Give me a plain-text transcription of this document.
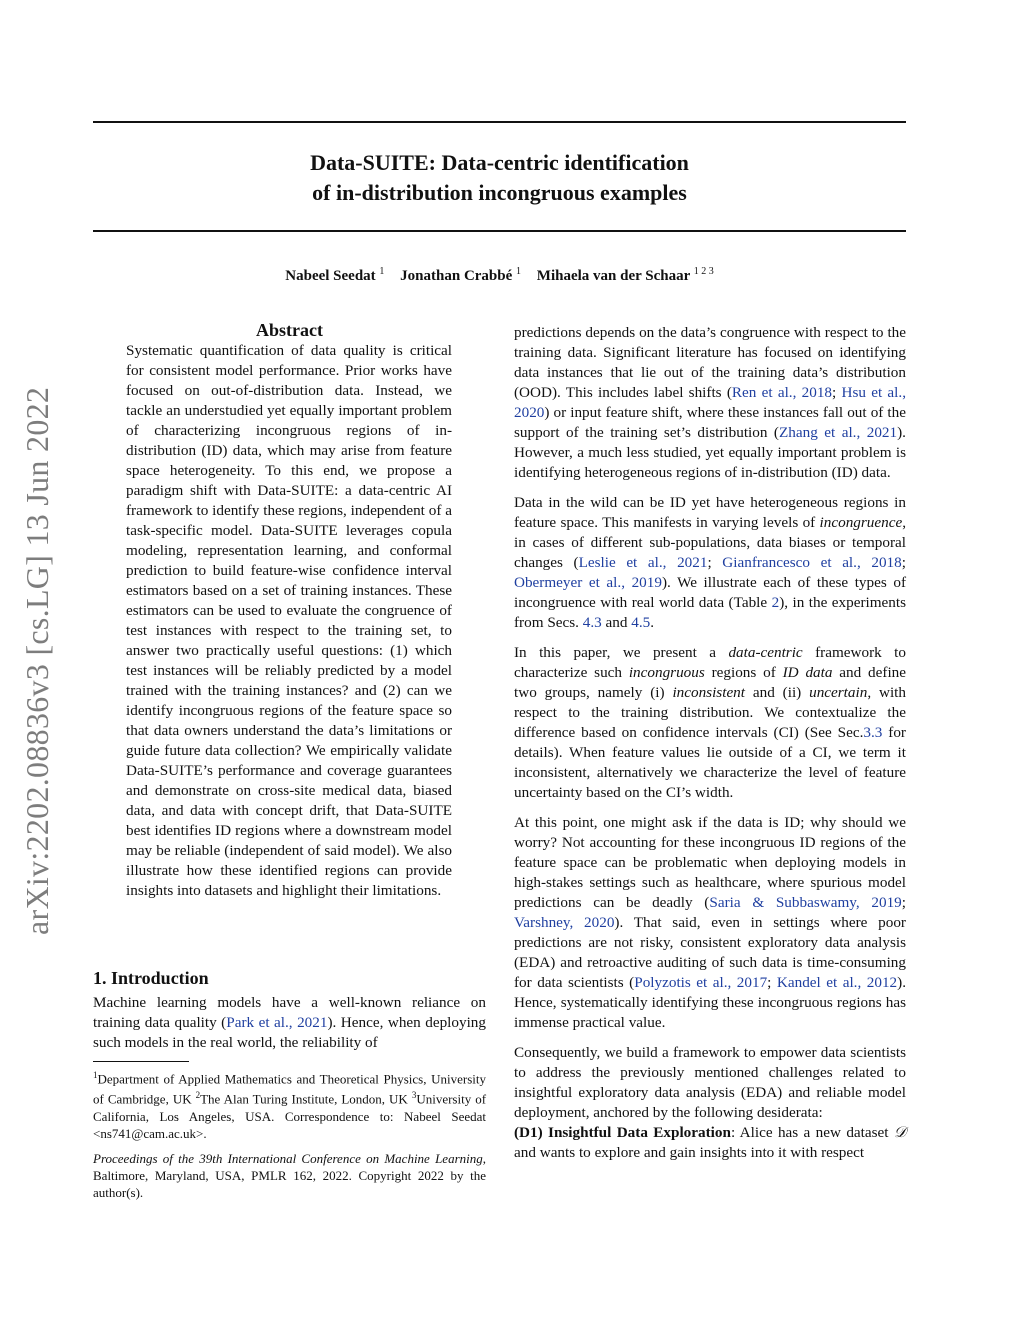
arXiv:2202.08836v3 [cs.LG] 13 Jun 2022
Data-SUITE: Data-centric identification
of in-distribution incongruous examples
Nabeel Seedat $^1$ Jonathan Crabbé $^1$ Mihaela van der Schaar $^{1 2 3}$
Abstract
Systematic quantification of data quality is critical for consistent model performance. Prior works have focused on out-of-distribution data. Instead, we tackle an understudied yet equally important problem of characterizing incongruous regions of in-distribution (ID) data, which may arise from feature space heterogeneity. To this end, we propose a paradigm shift with Data-SUITE: a data-centric AI framework to identify these regions, independent of a task-specific model. Data-SUITE leverages copula modeling, representation learning, and conformal prediction to build feature-wise confidence interval estimators based on a set of training instances. These estimators can be used to evaluate the congruence of test instances with respect to the training set, to answer two practically useful questions: (1) which test instances will be reliably predicted by a model trained with the training instances? and (2) can we identify incongruous regions of the feature space so that data owners understand the data’s limitations or guide future data collection? We empirically validate Data-SUITE’s performance and coverage guarantees and demonstrate on cross-site medical data, biased data, and data with concept drift, that Data-SUITE best identifies ID regions where a downstream model may be reliable (independent of said model). We also illustrate how these identified regions can provide insights into datasets and highlight their limitations.
1. Introduction

Machine learning models have a well-known reliance on training data quality (Park et al., 2021). Hence, when deploying such models in the real world, the reliability of

$^1$Department of Applied Mathematics and Theoretical Physics, University of Cambridge, UK $^2$The Alan Turing Institute, London, UK $^3$University of California, Los Angeles, USA. Correspondence to: Nabeel Seedat <ns741@cam.ac.uk>.
Proceedings of the 39th International Conference on Machine Learning, Baltimore, Maryland, USA, PMLR 162, 2022. Copyright 2022 by the author(s).

predictions depends on the data’s congruence with respect to the training data. Significant literature has focused on identifying data instances that lie out of the training data’s distribution (OOD). This includes label shifts (Ren et al., 2018; Hsu et al., 2020) or input feature shift, where these instances fall out of the support of the training set’s distribution (Zhang et al., 2021). However, a much less studied, yet equally important problem is identifying heterogeneous regions of in-distribution (ID) data.

Data in the wild can be ID yet have heterogeneous regions in feature space. This manifests in varying levels of incongruence, in cases of different sub-populations, data biases or temporal changes (Leslie et al., 2021; Gianfrancesco et al., 2018; Obermeyer et al., 2019). We illustrate each of these types of incongruence with real world data (Table 2), in the experiments from Secs. 4.3 and 4.5.

In this paper, we present a data-centric framework to characterize such incongruous regions of ID data and define two groups, namely (i) inconsistent and (ii) uncertain, with respect to the training distribution. We contextualize the difference based on confidence intervals (CI) (See Sec.3.3 for details). When feature values lie outside of a CI, we term it inconsistent, alternatively we characterize the level of feature uncertainty based on the CI’s width.

At this point, one might ask if the data is ID; why should we worry? Not accounting for these incongruous ID regions of the feature space can be problematic when deploying models in high-stakes settings such as healthcare, where spurious model predictions can be deadly (Saria & Subbaswamy, 2019; Varshney, 2020). That said, even in settings where poor predictions are not risky, consistent exploratory data analysis (EDA) and retroactive auditing of such data is time-consuming for data scientists (Polyzotis et al., 2017; Kandel et al., 2012). Hence, systematically identifying these incongruous regions has immense practical value.

Consequently, we build a framework to empower data scientists to address the previously mentioned challenges related to insightful exploratory data analysis (EDA) and reliable model deployment, anchored by the following desiderata:
(D1) Insightful Data Exploration: Alice has a new dataset 𝒟 and wants to explore and gain insights into it with respect
